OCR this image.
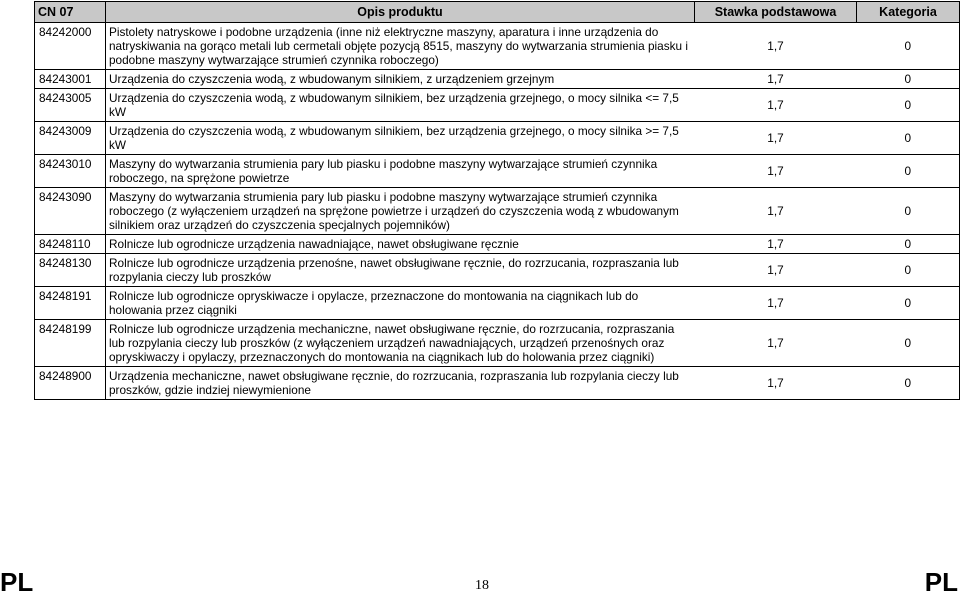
CN 07	Opis produktu	Stawka podstawowa	Kategoria
84242000	Pistolety natryskowe i podobne urządzenia (inne niż elektryczne maszyny, aparatura i inne urządzenia do natryskiwania na gorąco metali lub cermetali objęte pozycją 8515, maszyny do wytwarzania strumienia piasku i podobne maszyny wytwarzające strumień czynnika roboczego)	1,7	0
84243001	Urządzenia do czyszczenia wodą, z wbudowanym silnikiem, z urządzeniem grzejnym	1,7	0
84243005	Urządzenia do czyszczenia wodą, z wbudowanym silnikiem, bez urządzenia grzejnego, o mocy silnika <= 7,5 kW	1,7	0
84243009	Urządzenia do czyszczenia wodą, z wbudowanym silnikiem, bez urządzenia grzejnego, o mocy silnika >= 7,5 kW	1,7	0
84243010	Maszyny do wytwarzania strumienia pary lub piasku i podobne maszyny wytwarzające strumień czynnika roboczego, na sprężone powietrze	1,7	0
84243090	Maszyny do wytwarzania strumienia pary lub piasku i podobne maszyny wytwarzające strumień czynnika roboczego (z wyłączeniem urządzeń na sprężone powietrze i urządzeń do czyszczenia wodą z wbudowanym silnikiem oraz urządzeń do czyszczenia specjalnych pojemników)	1,7	0
84248110	Rolnicze lub ogrodnicze urządzenia nawadniające, nawet obsługiwane ręcznie	1,7	0
84248130	Rolnicze lub ogrodnicze urządzenia przenośne, nawet obsługiwane ręcznie, do rozrzucania, rozpraszania lub rozpylania cieczy lub proszków	1,7	0
84248191	Rolnicze lub ogrodnicze opryskiwacze i opylacze, przeznaczone do montowania na ciągnikach lub do holowania przez ciągniki	1,7	0
84248199	Rolnicze lub ogrodnicze urządzenia mechaniczne, nawet obsługiwane ręcznie, do rozrzucania, rozpraszania lub rozpylania cieczy lub proszków (z wyłączeniem urządzeń nawadniających, urządzeń przenośnych oraz opryskiwaczy i opylaczy, przeznaczonych do montowania na ciągnikach lub do holowania przez ciągniki)	1,7	0
84248900	Urządzenia mechaniczne, nawet obsługiwane ręcznie, do rozrzucania, rozpraszania lub rozpylania cieczy lub proszków, gdzie indziej niewymienione	1,7	0
PL	18	PL
